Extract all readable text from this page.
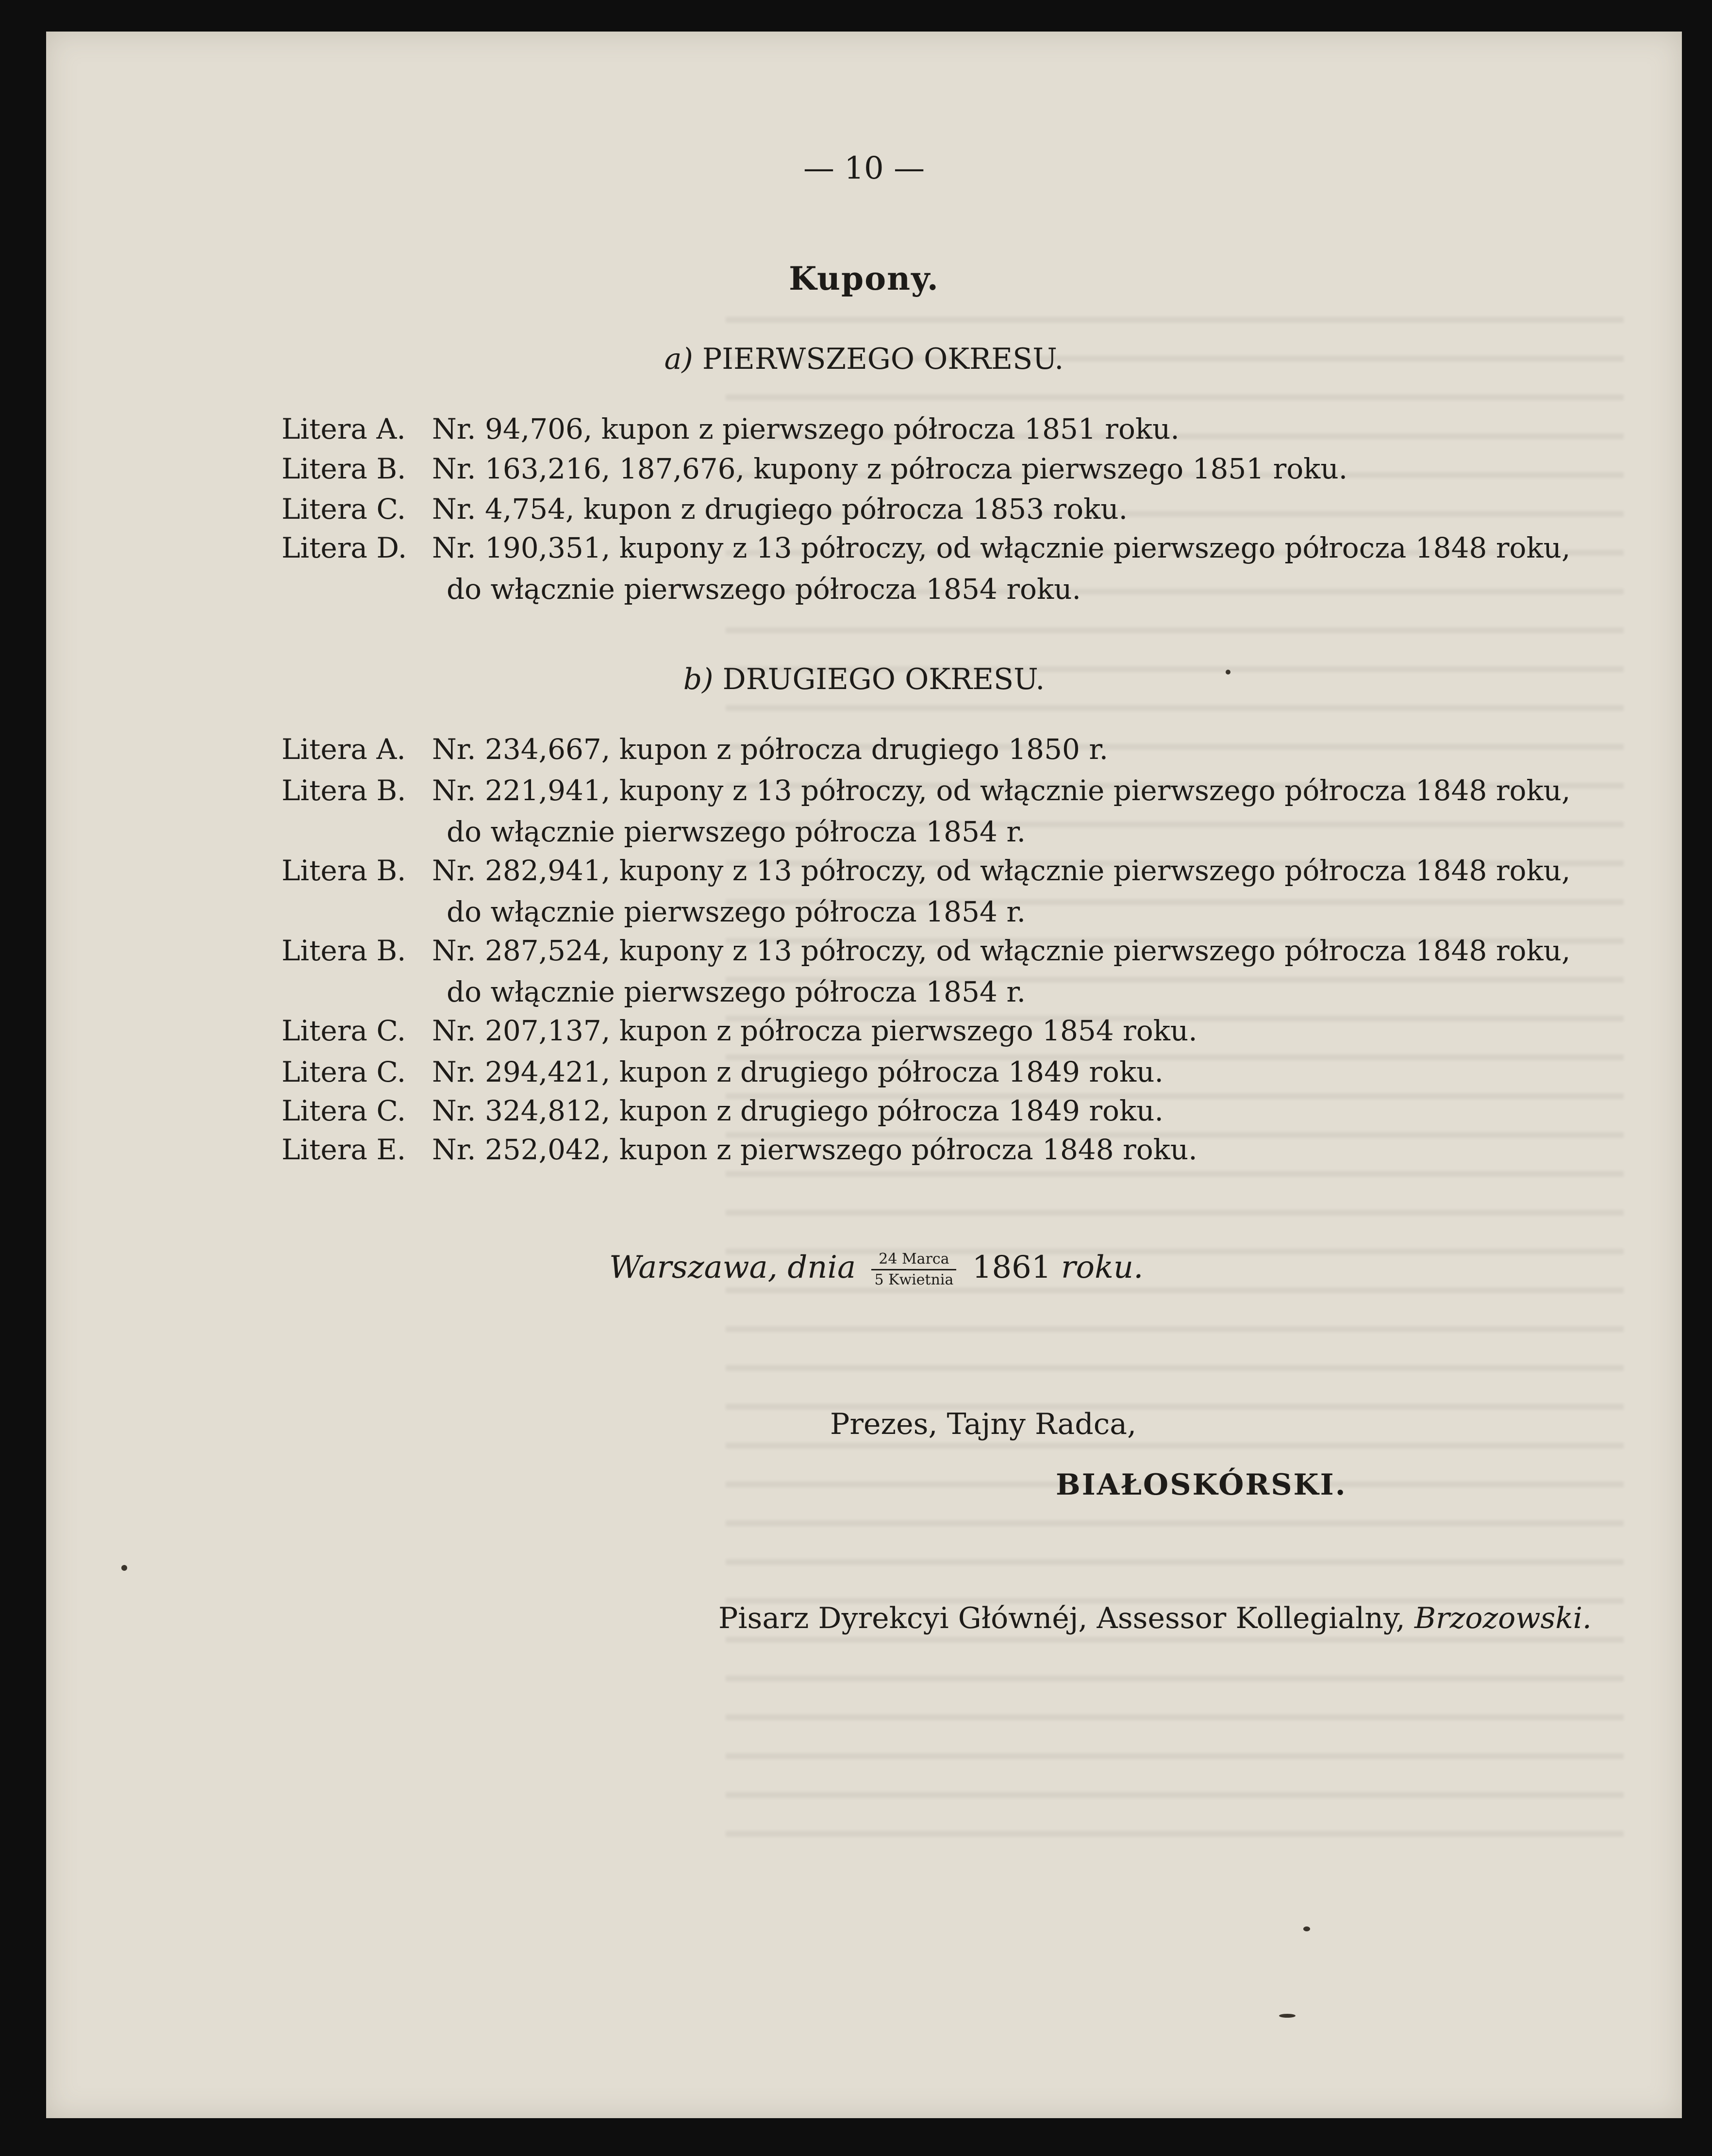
— 10 —
Kupony.
a) PIERWSZEGO OKRESU.
Litera A. Nr. 94,706, kupon z pierwszego półrocza 1851 roku.
Litera B. Nr. 163,216, 187,676, kupony z półrocza pierwszego 1851 roku.
Litera C. Nr. 4,754, kupon z drugiego półrocza 1853 roku.
Litera D. Nr. 190,351, kupony z 13 półroczy, od włącznie pierwszego półrocza 1848 roku,
do włącznie pierwszego półrocza 1854 roku.
b) DRUGIEGO OKRESU.
Litera A. Nr. 234,667, kupon z półrocza drugiego 1850 r.
Litera B. Nr. 221,941, kupony z 13 półroczy, od włącznie pierwszego półrocza 1848 roku,
do włącznie pierwszego półrocza 1854 r.
Litera B. Nr. 282,941, kupony z 13 półroczy, od włącznie pierwszego półrocza 1848 roku,
do włącznie pierwszego półrocza 1854 r.
Litera B. Nr. 287,524, kupony z 13 półroczy, od włącznie pierwszego półrocza 1848 roku,
do włącznie pierwszego półrocza 1854 r.
Litera C. Nr. 207,137, kupon z półrocza pierwszego 1854 roku.
Litera C. Nr. 294,421, kupon z drugiego półrocza 1849 roku.
Litera C. Nr. 324,812, kupon z drugiego półrocza 1849 roku.
Litera E. Nr. 252,042, kupon z pierwszego półrocza 1848 roku.
Warszawa, dnia $\frac{\text{24 Marca}}{\text{5 Kwietnia}} 1861$ roku.
Prezes, Tajny Radca,
BIAŁOSKÓRSKI.
Pisarz Dyrekcyi Głównéj, Assessor Kollegialny, Brzozowski.
